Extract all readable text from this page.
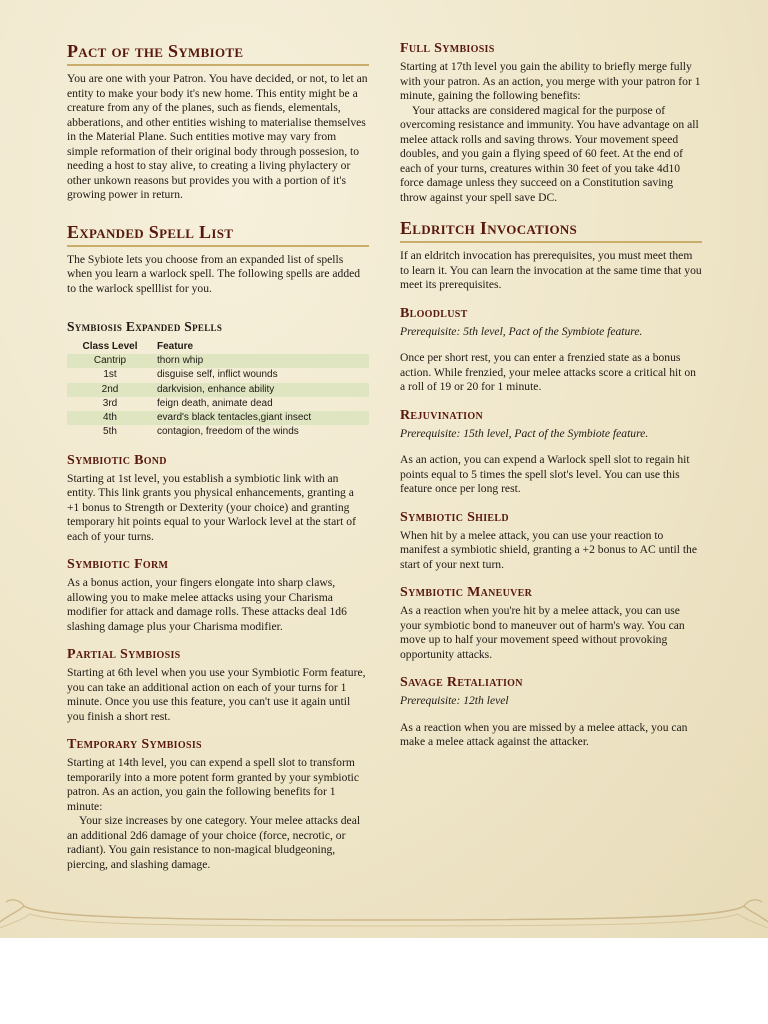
Pact of the Symbiote

You are one with your Patron. You have decided, or not, to let an entity to make your body it's new home. This entity might be a creature from any of the planes, such as fiends, elementals, abberations, and other entities wishing to materialise themselves in the Material Plane. Such entities motive may vary from simple reformation of their original body through possesion, to needing a host to stay alive, to creating a living phylactery or other unkown reasons but provides you with a portion of it's growing power in return.

Expanded Spell List

The Sybiote lets you choose from an expanded list of spells when you learn a warlock spell. The following spells are added to the warlock spelllist for you.

Symbiosis Expanded Spells
Class Level	Feature
Cantrip	thorn whip
1st	disguise self, inflict wounds
2nd	darkvision, enhance ability
3rd	feign death, animate dead
4th	evard's black tentacles,giant insect
5th	contagion, freedom of the winds
Symbiotic Bond

Starting at 1st level, you establish a symbiotic link with an entity. This link grants you physical enhancements, granting a +1 bonus to Strength or Dexterity (your choice) and granting temporary hit points equal to your Warlock level at the start of each of your turns.

Symbiotic Form

As a bonus action, your fingers elongate into sharp claws, allowing you to make melee attacks using your Charisma modifier for attack and damage rolls. These attacks deal 1d6 slashing damage plus your Charisma modifier.

Partial Symbiosis

Starting at 6th level when you use your Symbiotic Form feature, you can take an additional action on each of your turns for 1 minute. Once you use this feature, you can't use it again until you finish a short rest.

Temporary Symbiosis

Starting at 14th level, you can expend a spell slot to transform temporarily into a more potent form granted by your symbiotic patron. As an action, you gain the following benefits for 1 minute:

Your size increases by one category. Your melee attacks deal an additional 2d6 damage of your choice (force, necrotic, or radiant). You gain resistance to non-magical bludgeoning, piercing, and slashing damage.

Full Symbiosis

Starting at 17th level you gain the ability to briefly merge fully with your patron. As an action, you merge with your patron for 1 minute, gaining the following benefits:

Your attacks are considered magical for the purpose of overcoming resistance and immunity. You have advantage on all melee attack rolls and saving throws. Your movement speed doubles, and you gain a flying speed of 60 feet. At the end of each of your turns, creatures within 30 feet of you take 4d10 force damage unless they succeed on a Constitution saving throw against your spell save DC.

Eldritch Invocations

If an eldritch invocation has prerequisites, you must meet them to learn it. You can learn the invocation at the same time that you meet its prerequisites.

Bloodlust

Prerequisite: 5th level, Pact of the Symbiote feature.

Once per short rest, you can enter a frenzied state as a bonus action. While frenzied, your melee attacks score a critical hit on a roll of 19 or 20 for 1 minute.

Rejuvination

Prerequisite: 15th level, Pact of the Symbiote feature.

As an action, you can expend a Warlock spell slot to regain hit points equal to 5 times the spell slot's level. You can use this feature once per long rest.

Symbiotic Shield

When hit by a melee attack, you can use your reaction to manifest a symbiotic shield, granting a +2 bonus to AC until the start of your next turn.

Symbiotic Maneuver

As a reaction when you're hit by a melee attack, you can use your symbiotic bond to maneuver out of harm's way. You can move up to half your movement speed without provoking opportunity attacks.

Savage Retaliation

Prerequisite: 12th level

As a reaction when you are missed by a melee attack, you can make a melee attack against the attacker.
